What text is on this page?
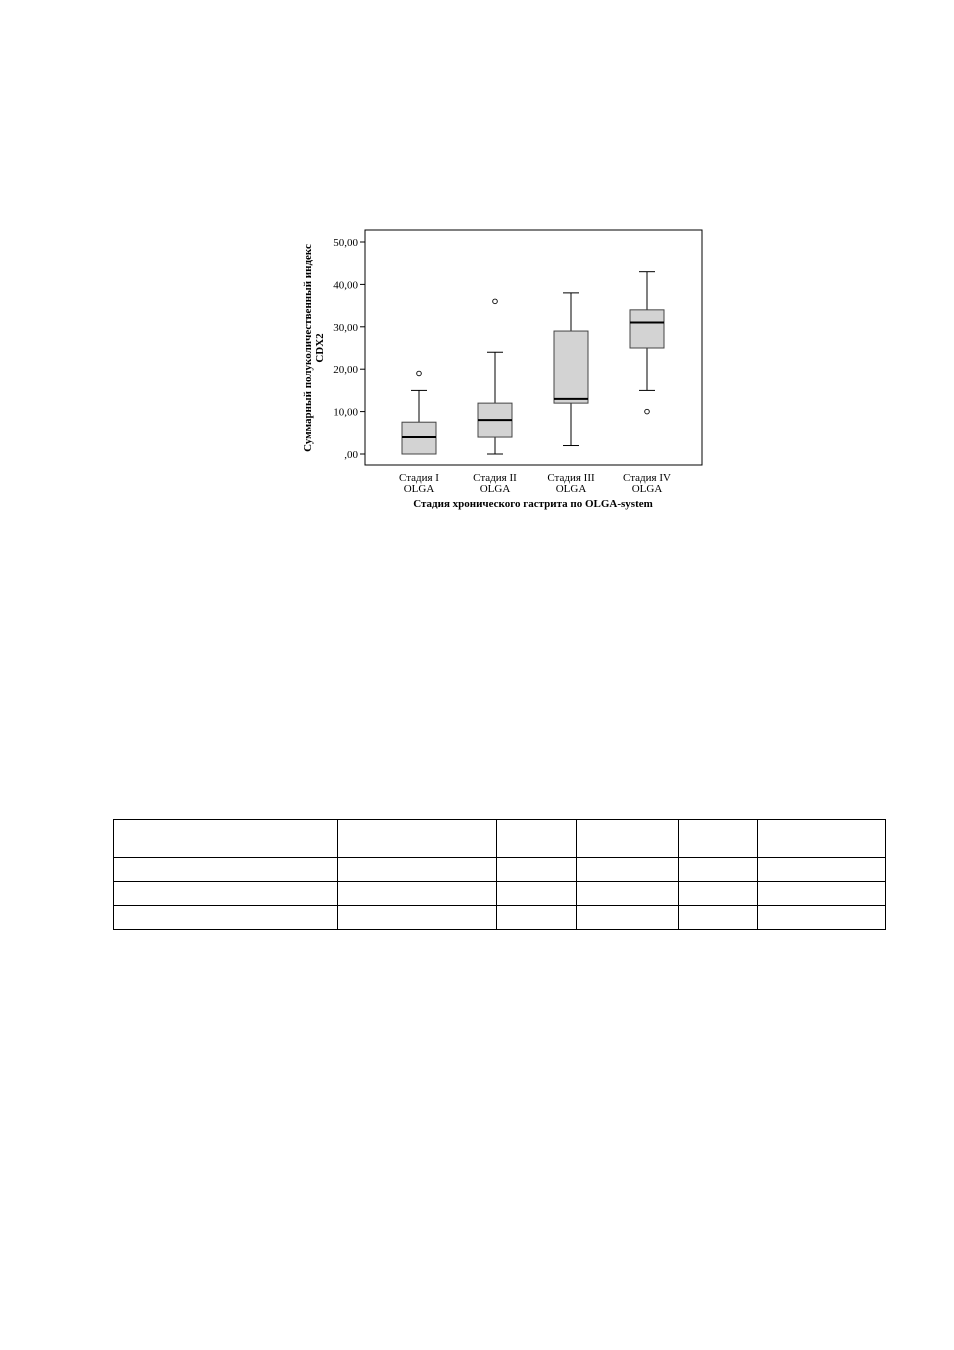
,00
10,00
20,00
30,00
40,00
50,00
Стадия I
OLGA
Стадия II
OLGA
Стадия III
OLGA
Стадия IV
OLGA
Стадия хронического гастрита по OLGA-system
Суммарный полуколичественный индекс CDX2
